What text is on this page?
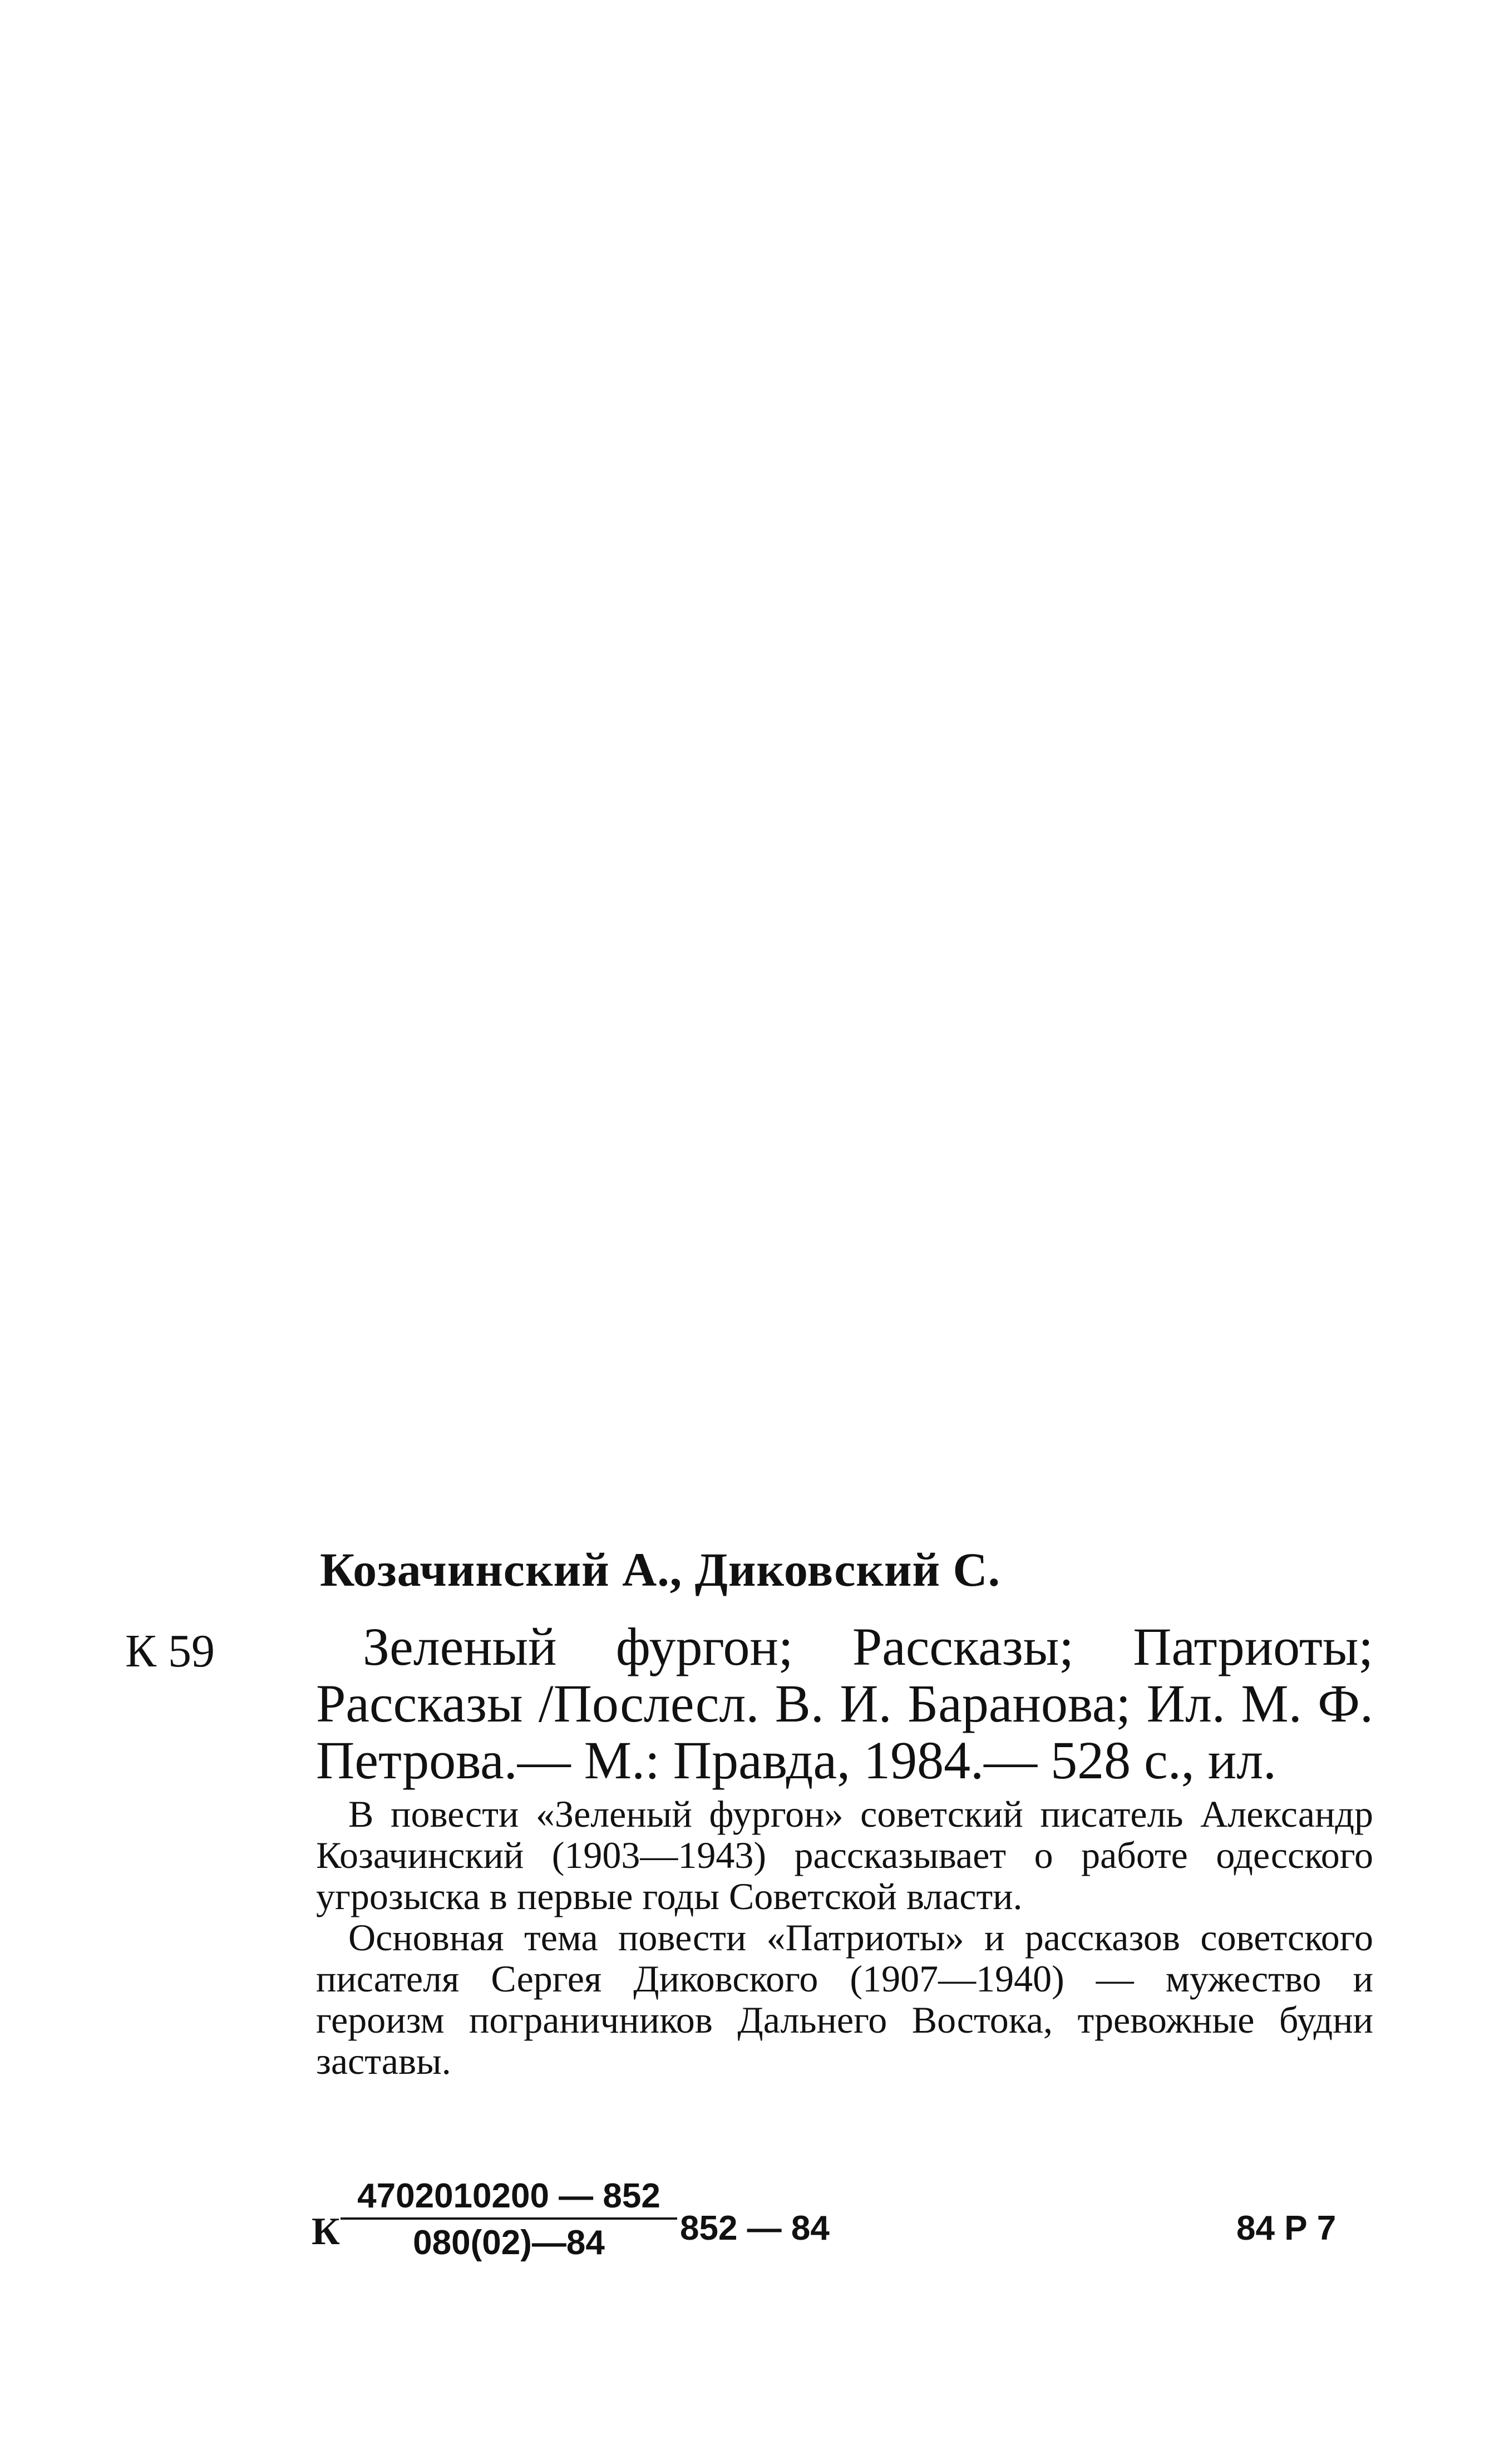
Козачинский А., Диковский С.
К 59	Зеленый фургон; Рассказы; Патриоты; Рассказы /Послесл. В. И. Баранова; Ил. М. Ф. Петрова.— М.: Правда, 1984.— 528 с., ил.

В повести «Зеленый фургон» советский писатель Александр Козачинский (1903—1943) рассказывает о работе одесского угрозыска в первые годы Советской власти.

Основная тема повести «Патриоты» и рассказов советского писателя Сергея Диковского (1907—1940) — мужество и героизм пограничников Дальнего Востока, тревожные будни заставы.

К
4702010200 — 852
080(02)—84	852 — 84	84 Р 7
